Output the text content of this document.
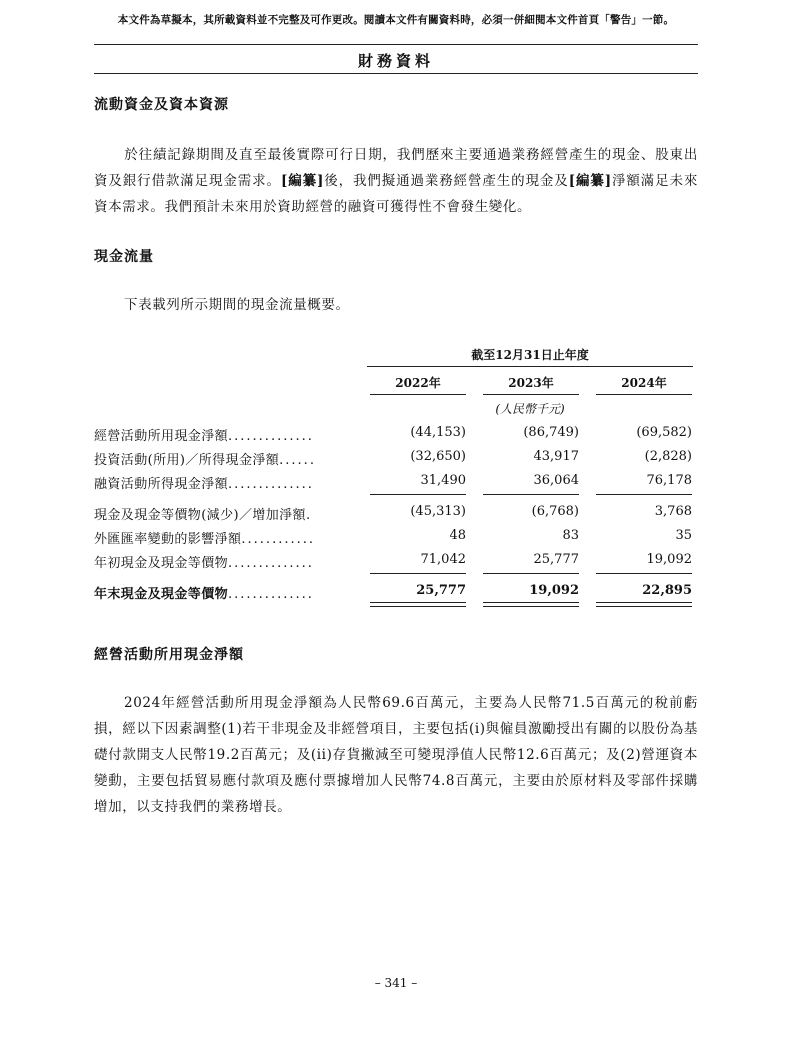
本文件為草擬本，其所載資料並不完整及可作更改。閱讀本文件有關資料時，必須一併細閱本文件首頁「警告」一節。
財務資料
流動資金及資本資源

於往績記錄期間及直至最後實際可行日期，我們歷來主要通過業務經營產生的現金、股東出資及銀行借款滿足現金需求。[編纂]後，我們擬通過業務經營產生的現金及[編纂]淨額滿足未來資本需求。我們預計未來用於資助經營的融資可獲得性不會發生變化。

現金流量

下表載列所示期間的現金流量概要。

截至12月31日止年度
2022年	2023年	2024年
(人民幣千元)
經營活動所用現金淨額..............	(44,153)	(86,749)	(69,582)
投資活動(所用)／所得現金淨額......	(32,650)	43,917	(2,828)
融資活動所得現金淨額..............	31,490	36,064	76,178
現金及現金等價物(減少)／增加淨額.	(45,313)	(6,768)	3,768
外匯匯率變動的影響淨額............	48	83	35
年初現金及現金等價物..............	71,042	25,777	19,092
年末現金及現金等價物..............	25,777	19,092	22,895
經營活動所用現金淨額

2024年經營活動所用現金淨額為人民幣69.6百萬元，主要為人民幣71.5百萬元的稅前虧損，經以下因素調整(1)若干非現金及非經營項目，主要包括(i)與僱員激勵授出有關的以股份為基礎付款開支人民幣19.2百萬元；及(ii)存貨撇減至可變現淨值人民幣12.6百萬元；及(2)營運資本變動，主要包括貿易應付款項及應付票據增加人民幣74.8百萬元，主要由於原材料及零部件採購增加，以支持我們的業務增長。

– 341 –
